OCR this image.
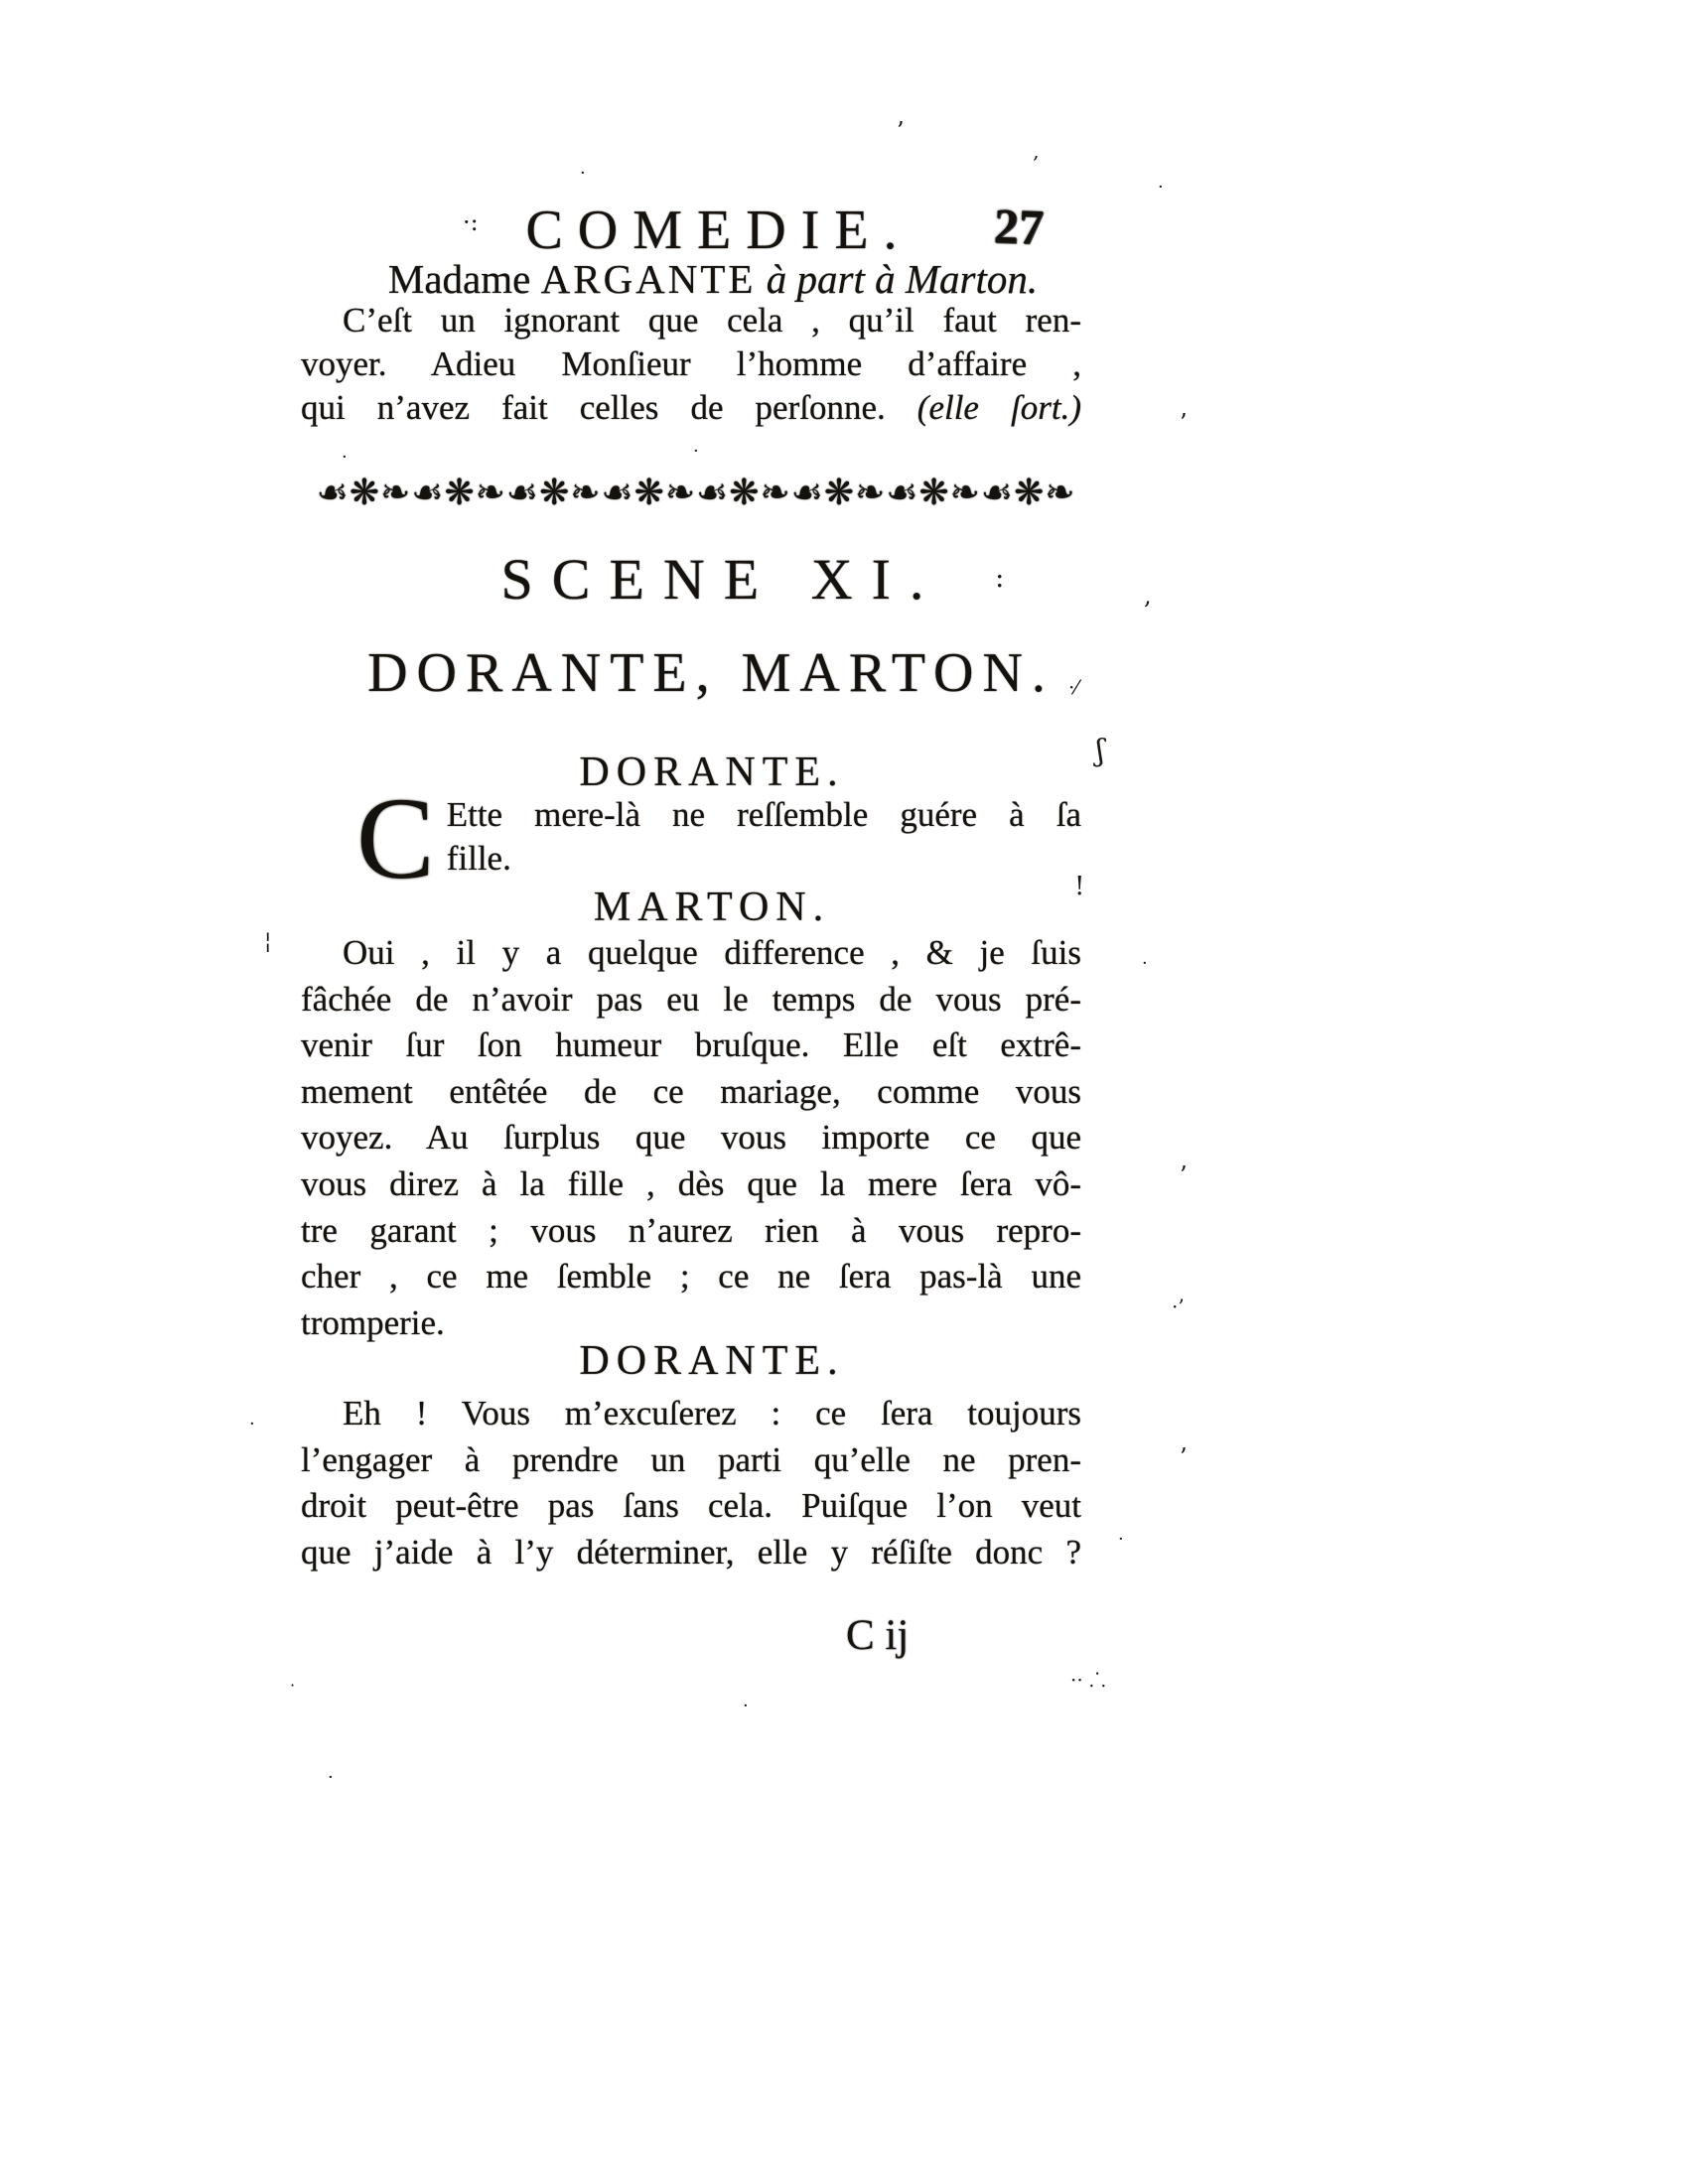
27
COMEDIE.
Madame ARGANTE à part à Marton.
C’eſt un ignorant que cela , qu’il faut ren-
voyer. Adieu Monſieur l’homme d’affaire ,
qui n’avez fait celles de perſonne. (elle ſort.)
☙❋❧☙❋❧☙❋❧☙❋❧☙❋❧☙❋❧☙❋❧☙❋❧
SCENE XI.
DORANTE, MARTON.
DORANTE.
C Ette mere-là ne reſſemble guére à ſa
fille.
MARTON.
Oui , il y a quelque difference , & je ſuis
fâchée de n’avoir pas eu le temps de vous pré-
venir ſur ſon humeur bruſque. Elle eſt extrê-
mement entêtée de ce mariage, comme vous
voyez. Au ſurplus que vous importe ce que
vous direz à la fille , dès que la mere ſera vô-
tre garant ; vous n’aurez rien à vous repro-
cher , ce me ſemble ; ce ne ſera pas-là une
tromperie.
DORANTE.
Eh ! Vous m’excuſerez : ce ſera toujours
l’engager à prendre un parti qu’elle ne pren-
droit peut-être pas ſans cela. Puiſque l’on veut
que j’aide à l’y déterminer, elle y réſiſte donc ?
C ij
·:
’
‚
·
·
’
·	·
:
,
·⁄
ʃ
¦
!
·
’
·’
·
’
·
·· ⸫
·
·
·
